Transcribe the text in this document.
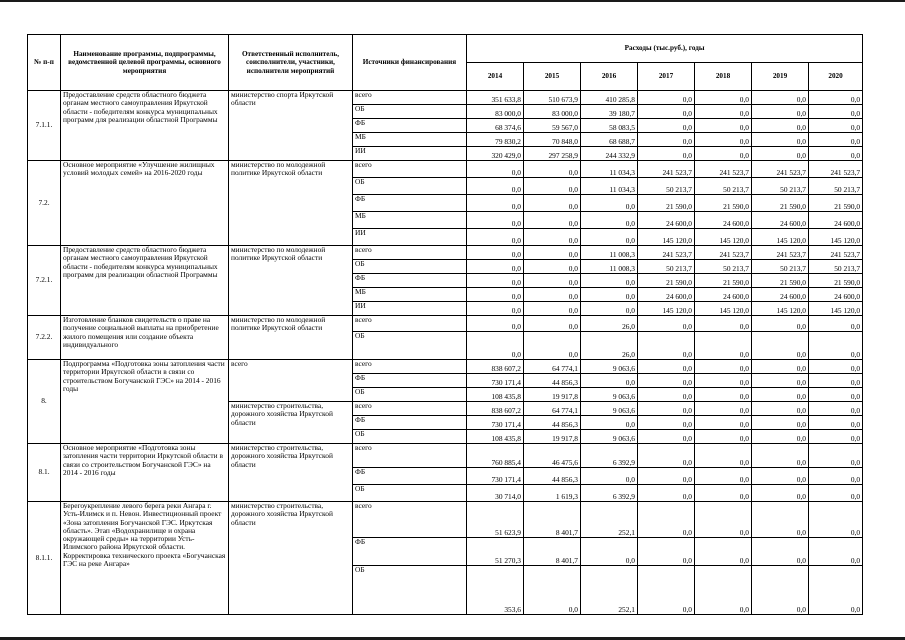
№ п-п	Наименование программы, подпрограммы, ведомственной целевой программы, основного мероприятия	Ответственный исполнитель, соисполнители, участники, исполнители мероприятий	Источники финансирования	Расходы (тыс.руб.), годы						
				2014	2015	2016	2017	2018	2019	2020
7.1.1.	Предоставление средств областного бюджета органам местного самоуправления Иркутской области - победителям конкурса муниципальных программ для реализации областной Программы	министерство спорта Иркутской области	всего	351 633,8	510 673,9	410 285,8	0,0	0,0	0,0	0,0
			ОБ	83 000,0	83 000,0	39 180,7	0,0	0,0	0,0	0,0
			ФБ	68 374,6	59 567,0	58 083,5	0,0	0,0	0,0	0,0
			МБ	79 830,2	70 848,0	68 688,7	0,0	0,0	0,0	0,0
			ИИ	320 429,0	297 258,9	244 332,9	0,0	0,0	0,0	0,0
7.2.	Основное мероприятие «Улучшение жилищных условий молодых семей» на 2016-2020 годы	министерство по молодежной политике Иркутской области	всего	0,0	0,0	11 034,3	241 523,7	241 523,7	241 523,7	241 523,7
			ОБ	0,0	0,0	11 034,3	50 213,7	50 213,7	50 213,7	50 213,7
			ФБ	0,0	0,0	0,0	21 590,0	21 590,0	21 590,0	21 590,0
			МБ	0,0	0,0	0,0	24 600,0	24 600,0	24 600,0	24 600,0
			ИИ	0,0	0,0	0,0	145 120,0	145 120,0	145 120,0	145 120,0
7.2.1.	Предоставление средств областного бюджета органам местного самоуправления Иркутской области - победителям конкурса муниципальных программ для реализации областной Программы	министерство по молодежной политике Иркутской области	всего	0,0	0,0	11 008,3	241 523,7	241 523,7	241 523,7	241 523,7
			ОБ	0,0	0,0	11 008,3	50 213,7	50 213,7	50 213,7	50 213,7
			ФБ	0,0	0,0	0,0	21 590,0	21 590,0	21 590,0	21 590,0
			МБ	0,0	0,0	0,0	24 600,0	24 600,0	24 600,0	24 600,0
			ИИ	0,0	0,0	0,0	145 120,0	145 120,0	145 120,0	145 120,0
7.2.2.	Изготовление бланков свидетельств о праве на получение социальной выплаты на приобретение жилого помещения или создание объекта индивидуального	министерство по молодежной политике Иркутской области	всего	0,0	0,0	26,0	0,0	0,0	0,0	0,0
			ОБ	0,0	0,0	26,0	0,0	0,0	0,0	0,0
8.	Подпрограмма «Подготовка зоны затопления части территории Иркутской области в связи со строительством Богучанской ГЭС» на 2014 - 2016 годы	всего	всего	838 607,2	64 774,1	9 063,6	0,0	0,0	0,0	0,0
			ФБ	730 171,4	44 856,3	0,0	0,0	0,0	0,0	0,0
			ОБ	108 435,8	19 917,8	9 063,6	0,0	0,0	0,0	0,0
		министерство строительства, дорожного хозяйства Иркутской области	всего	838 607,2	64 774,1	9 063,6	0,0	0,0	0,0	0,0
			ФБ	730 171,4	44 856,3	0,0	0,0	0,0	0,0	0,0
			ОБ	108 435,8	19 917,8	9 063,6	0,0	0,0	0,0	0,0
8.1.	Основное мероприятие «Подготовка зоны затопления части территории Иркутской области в связи со строительством Богучанской ГЭС» на 2014 - 2016 годы	министерство строительства, дорожного хозяйства Иркутской области	всего	760 885,4	46 475,6	6 392,9	0,0	0,0	0,0	0,0
			ФБ	730 171,4	44 856,3	0,0	0,0	0,0	0,0	0,0
			ОБ	30 714,0	1 619,3	6 392,9	0,0	0,0	0,0	0,0
8.1.1.	Берегоукрепление левого берега реки Ангара г. Усть-Илимск и п. Невон. Инвестиционный проект «Зона затопления Богучанской ГЭС. Иркутская область». Этап «Водохранилище и охрана окружающей среды» на территории Усть-Илимского района Иркутской области. Корректировка технического проекта «Богучанская ГЭС на реке Ангара»	министерство строительства, дорожного хозяйства Иркутской области	всего	51 623,9	8 401,7	252,1	0,0	0,0	0,0	0,0
			ФБ	51 270,3	8 401,7	0,0	0,0	0,0	0,0	0,0
			ОБ	353,6	0,0	252,1	0,0	0,0	0,0	0,0
